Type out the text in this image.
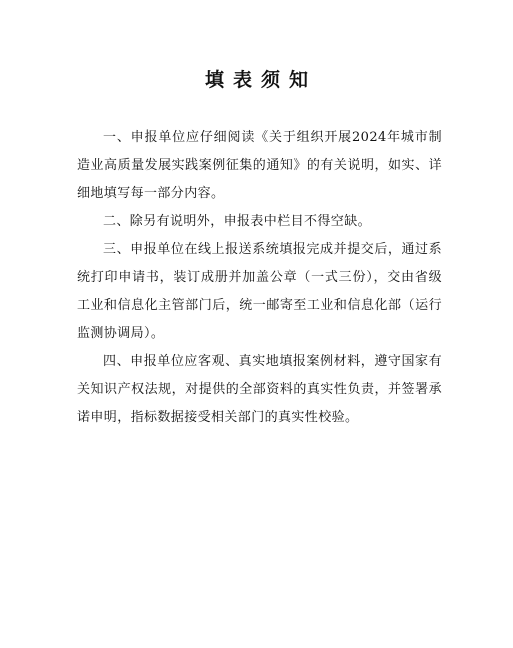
填表须知

一、申报单位应仔细阅读《关于组织开展2024年城市制造业高质量发展实践案例征集的通知》的有关说明，如实、详细地填写每一部分内容。

二、除另有说明外，申报表中栏目不得空缺。

三、申报单位在线上报送系统填报完成并提交后，通过系统打印申请书，装订成册并加盖公章（一式三份），交由省级工业和信息化主管部门后，统一邮寄至工业和信息化部（运行监测协调局）。

四、申报单位应客观、真实地填报案例材料，遵守国家有关知识产权法规，对提供的全部资料的真实性负责，并签署承诺申明，指标数据接受相关部门的真实性校验。
